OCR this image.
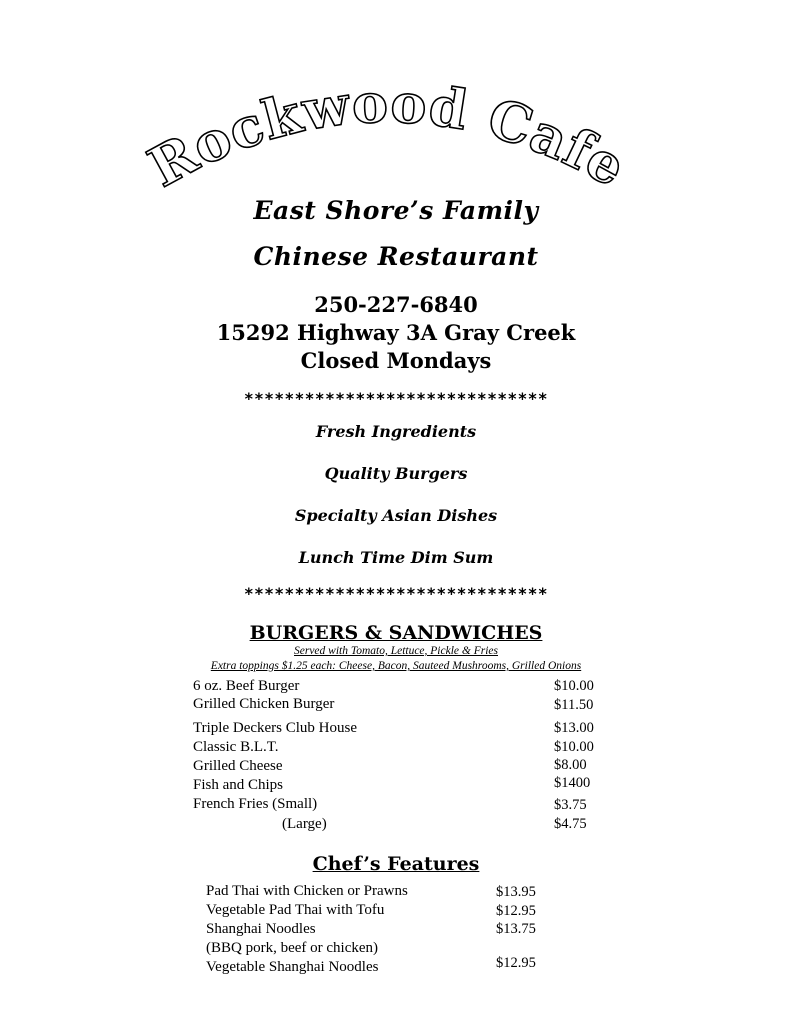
Rockwood Cafe
East Shore’s Family
Chinese Restaurant
250-227-6840
15292 Highway 3A Gray Creek
Closed Mondays
******************************
Fresh Ingredients
Quality Burgers
Specialty Asian Dishes
Lunch Time Dim Sum
******************************
BURGERS & SANDWICHES
Served with Tomato, Lettuce, Pickle & Fries
Extra toppings $1.25 each: Cheese, Bacon, Sauteed Mushrooms, Grilled Onions
6 oz. Beef Burger	$10.00
Grilled Chicken Burger	$11.50
Triple Deckers Club House	$13.00
Classic B.L.T.	$10.00
Grilled Cheese	$8.00
Fish and Chips	$1400
French Fries (Small)	$3.75
(Large)	$4.75
Chef’s Features
Pad Thai with Chicken or Prawns	$13.95
Vegetable Pad Thai with Tofu	$12.95
Shanghai Noodles	$13.75
(BBQ pork, beef or chicken)
Vegetable Shanghai Noodles	$12.95
